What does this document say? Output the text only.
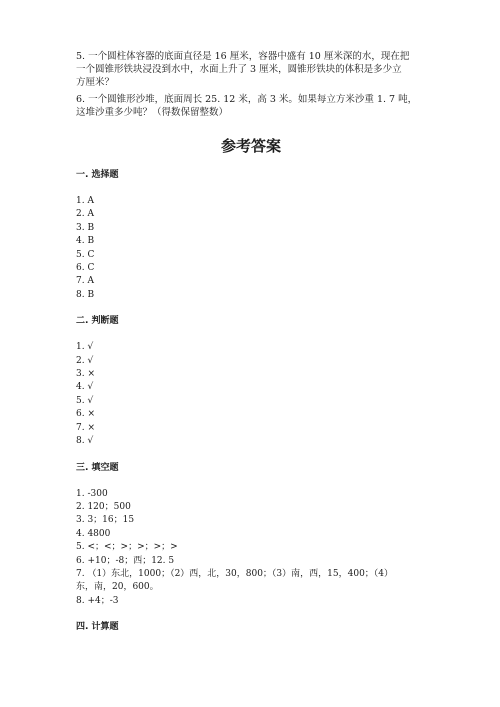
5. 一个圆柱体容器的底面直径是 16 厘米，容器中盛有 10 厘米深的水，现在把

一个圆锥形铁块浸没到水中，水面上升了 3 厘米，圆锥形铁块的体积是多少立

方厘米？

6. 一个圆锥形沙堆，底面周长 25. 12 米，高 3 米。如果每立方米沙重 1. 7 吨，

这堆沙重多少吨？（得数保留整数）

参考答案
一. 选择题
1. A
2. A
3. B
4. B
5. C
6. C
7. A
8. B
二. 判断题
1. √
2. √
3. ×
4. √
5. √
6. ×
7. ×
8. √
三. 填空题
1. -300
2. 120；500
3. 3；16；15
4. 4800
5. <；<；>；>；>；>
6. +10；-8；西；12. 5
7. （1）东北，1000；（2）西，北，30，800；（3）南，西，15，400；（4）
东，南，20，600。
8. +4；-3
四. 计算题
